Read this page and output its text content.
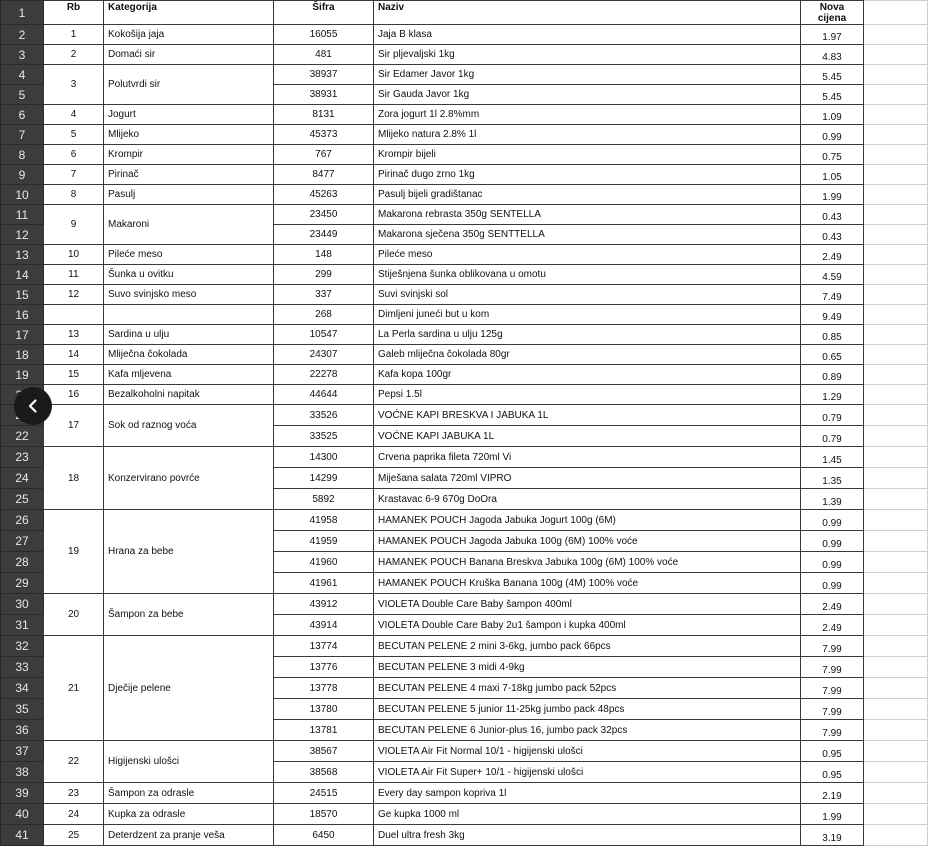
1	Rb	Kategorija	Šifra	Naziv	Nova cijena	
2	1	Kokošija jaja	16055	Jaja B klasa	1.97	
3	2	Domaći sir	481	Sir pljevaljski 1kg	4.83	
4	3	Polutvrdi sir	38937	Sir Edamer Javor 1kg	5.45	
5			38931	Sir Gauda Javor 1kg	5.45	
6	4	Jogurt	8131	Zora jogurt 1l 2.8%mm	1.09	
7	5	Mlijeko	45373	Mlijeko natura 2.8% 1l	0.99	
8	6	Krompir	767	Krompir bijeli	0.75	
9	7	Pirinač	8477	Pirinač dugo zrno 1kg	1.05	
10	8	Pasulj	45263	Pasulj bijeli gradištanac	1.99	
11	9	Makaroni	23450	Makarona rebrasta 350g SENTELLA	0.43	
12			23449	Makarona sječena 350g SENTTELLA	0.43	
13	10	Pileće meso	148	Pileće meso	2.49	
14	11	Šunka u ovitku	299	Stiješnjena šunka oblikovana u omotu	4.59	
15	12	Suvo svinjsko meso	337	Suvi svinjski sol	7.49	
16			268	Dimljeni juneći but u kom	9.49	
17	13	Sardina u ulju	10547	La Perla sardina u ulju 125g	0.85	
18	14	Mliječna čokolada	24307	Galeb mliječna čokolada 80gr	0.65	
19	15	Kafa mljevena	22278	Kafa kopa 100gr	0.89	
	16	Bezalkoholni napitak	44644	Pepsi 1.5l	1.29	
	17	Sok od raznog voća	33526	VOĆNE KAPI BRESKVA I JABUKA 1L	0.79	
22			33525	VOĆNE KAPI JABUKA 1L	0.79	
23	18	Konzervirano povrće	14300	Crvena paprika fileta 720ml Vi	1.45	
24			14299	Miješana salata 720ml VIPRO	1.35	
25			5892	Krastavac 6-9 670g DoOra	1.39	
26	19	Hrana za bebe	41958	HAMANEK POUCH Jagoda Jabuka Jogurt 100g (6M)	0.99	
27			41959	HAMANEK POUCH Jagoda Jabuka 100g (6M) 100% voće	0.99	
28			41960	HAMANEK POUCH Banana Breskva Jabuka 100g (6M) 100% voće	0.99	
29			41961	HAMANEK POUCH Kruška Banana 100g (4M) 100% voće	0.99	
30	20	Šampon za bebe	43912	VIOLETA Double Care Baby šampon 400ml	2.49	
31			43914	VIOLETA Double Care Baby 2u1 šampon i kupka 400ml	2.49	
32	21	Dječije pelene	13774	BECUTAN PELENE 2 mini 3-6kg, jumbo pack 66pcs	7.99	
33			13776	BECUTAN PELENE 3 midi 4-9kg	7.99	
34			13778	BECUTAN PELENE 4 maxi 7-18kg jumbo pack 52pcs	7.99	
35			13780	BECUTAN PELENE 5 junior 11-25kg jumbo pack 48pcs	7.99	
36			13781	BECUTAN PELENE 6 Junior-plus 16, jumbo pack 32pcs	7.99	
37	22	Higijenski ulošci	38567	VIOLETA Air Fit Normal 10/1 - higijenski ulošci	0.95	
38			38568	VIOLETA Air Fit Super+ 10/1 - higijenski ulošci	0.95	
39	23	Šampon za odrasle	24515	Every day sampon kopriva 1l	2.19	
40	24	Kupka za odrasle	18570	Ge kupka 1000 ml	1.99	
41	25	Deterdzent za pranje veša	6450	Duel ultra fresh 3kg	3.19	
